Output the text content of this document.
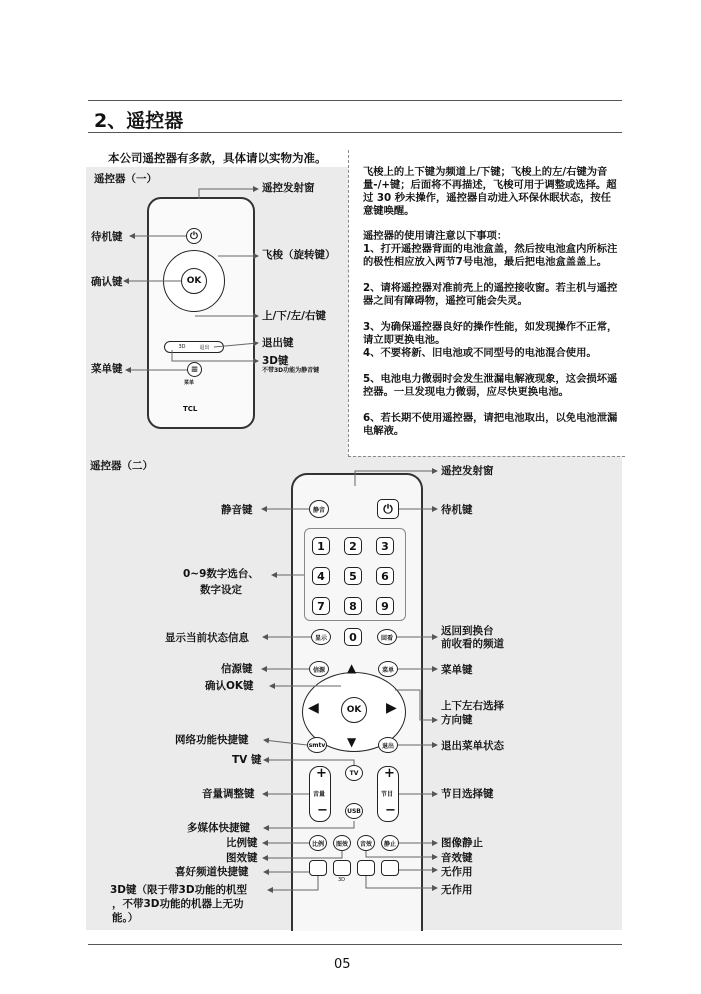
2、遥控器
本公司遥控器有多款，具体请以实物为准。
飞梭上的上下键为频道上/下键；飞梭上的左/右键为音量-/+键；后面将不再描述，飞梭可用于调整或选择。超过 30 秒未操作，遥控器自动进入环保休眠状态，按任意键唤醒。
遥控器的使用请注意以下事项：
1、打开遥控器背面的电池盒盖，然后按电池盒内所标注的极性相应放入两节7号电池，最后把电池盒盖盖上。
2、请将遥控器对准前壳上的遥控接收窗。若主机与遥控器之间有障碍物，遥控可能会失灵。
3、为确保遥控器良好的操作性能，如发现操作不正常，请立即更换电池。
4、不要将新、旧电池或不同型号的电池混合使用。
5、电池电力微弱时会发生泄漏电解液现象，这会损坏遥控器。一旦发现电力微弱，应尽快更换电池。
6、若长期不使用遥控器，请把电池取出，以免电池泄漏电解液。
遥控器（一）
⏻
OK
3D	退出
≡
菜单
TCL
遥控发射窗
待机键
飞梭（旋转键）
确认键
上/下/左/右键
退出键
3D键
不带3D功能为静音键
菜单键
遥控器（二）
静音	⏻
1	2	3
4	5	6
7	8	9
显示	0	回看
信源	菜单
OK
◀	▶
▲
▼
smtv	退出
TV
+
音量
−
+
节目
−
USB
比例	图效	音效	静止
3D
遥控发射窗
静音键	待机键
0~9数字选台、
数字设定
显示当前状态信息
返回到换台
前收看的频道
信源键	菜单键
确认OK键
上下左右选择
方向键
网络功能快捷键	退出菜单状态
TV 键
音量调整键	节目选择键
多媒体快捷键
比例键	图像静止
图效键	音效键
喜好频道快捷键	无作用
无作用
3D键（限于带3D功能的机型
，不带3D功能的机器上无功
能。）
05
